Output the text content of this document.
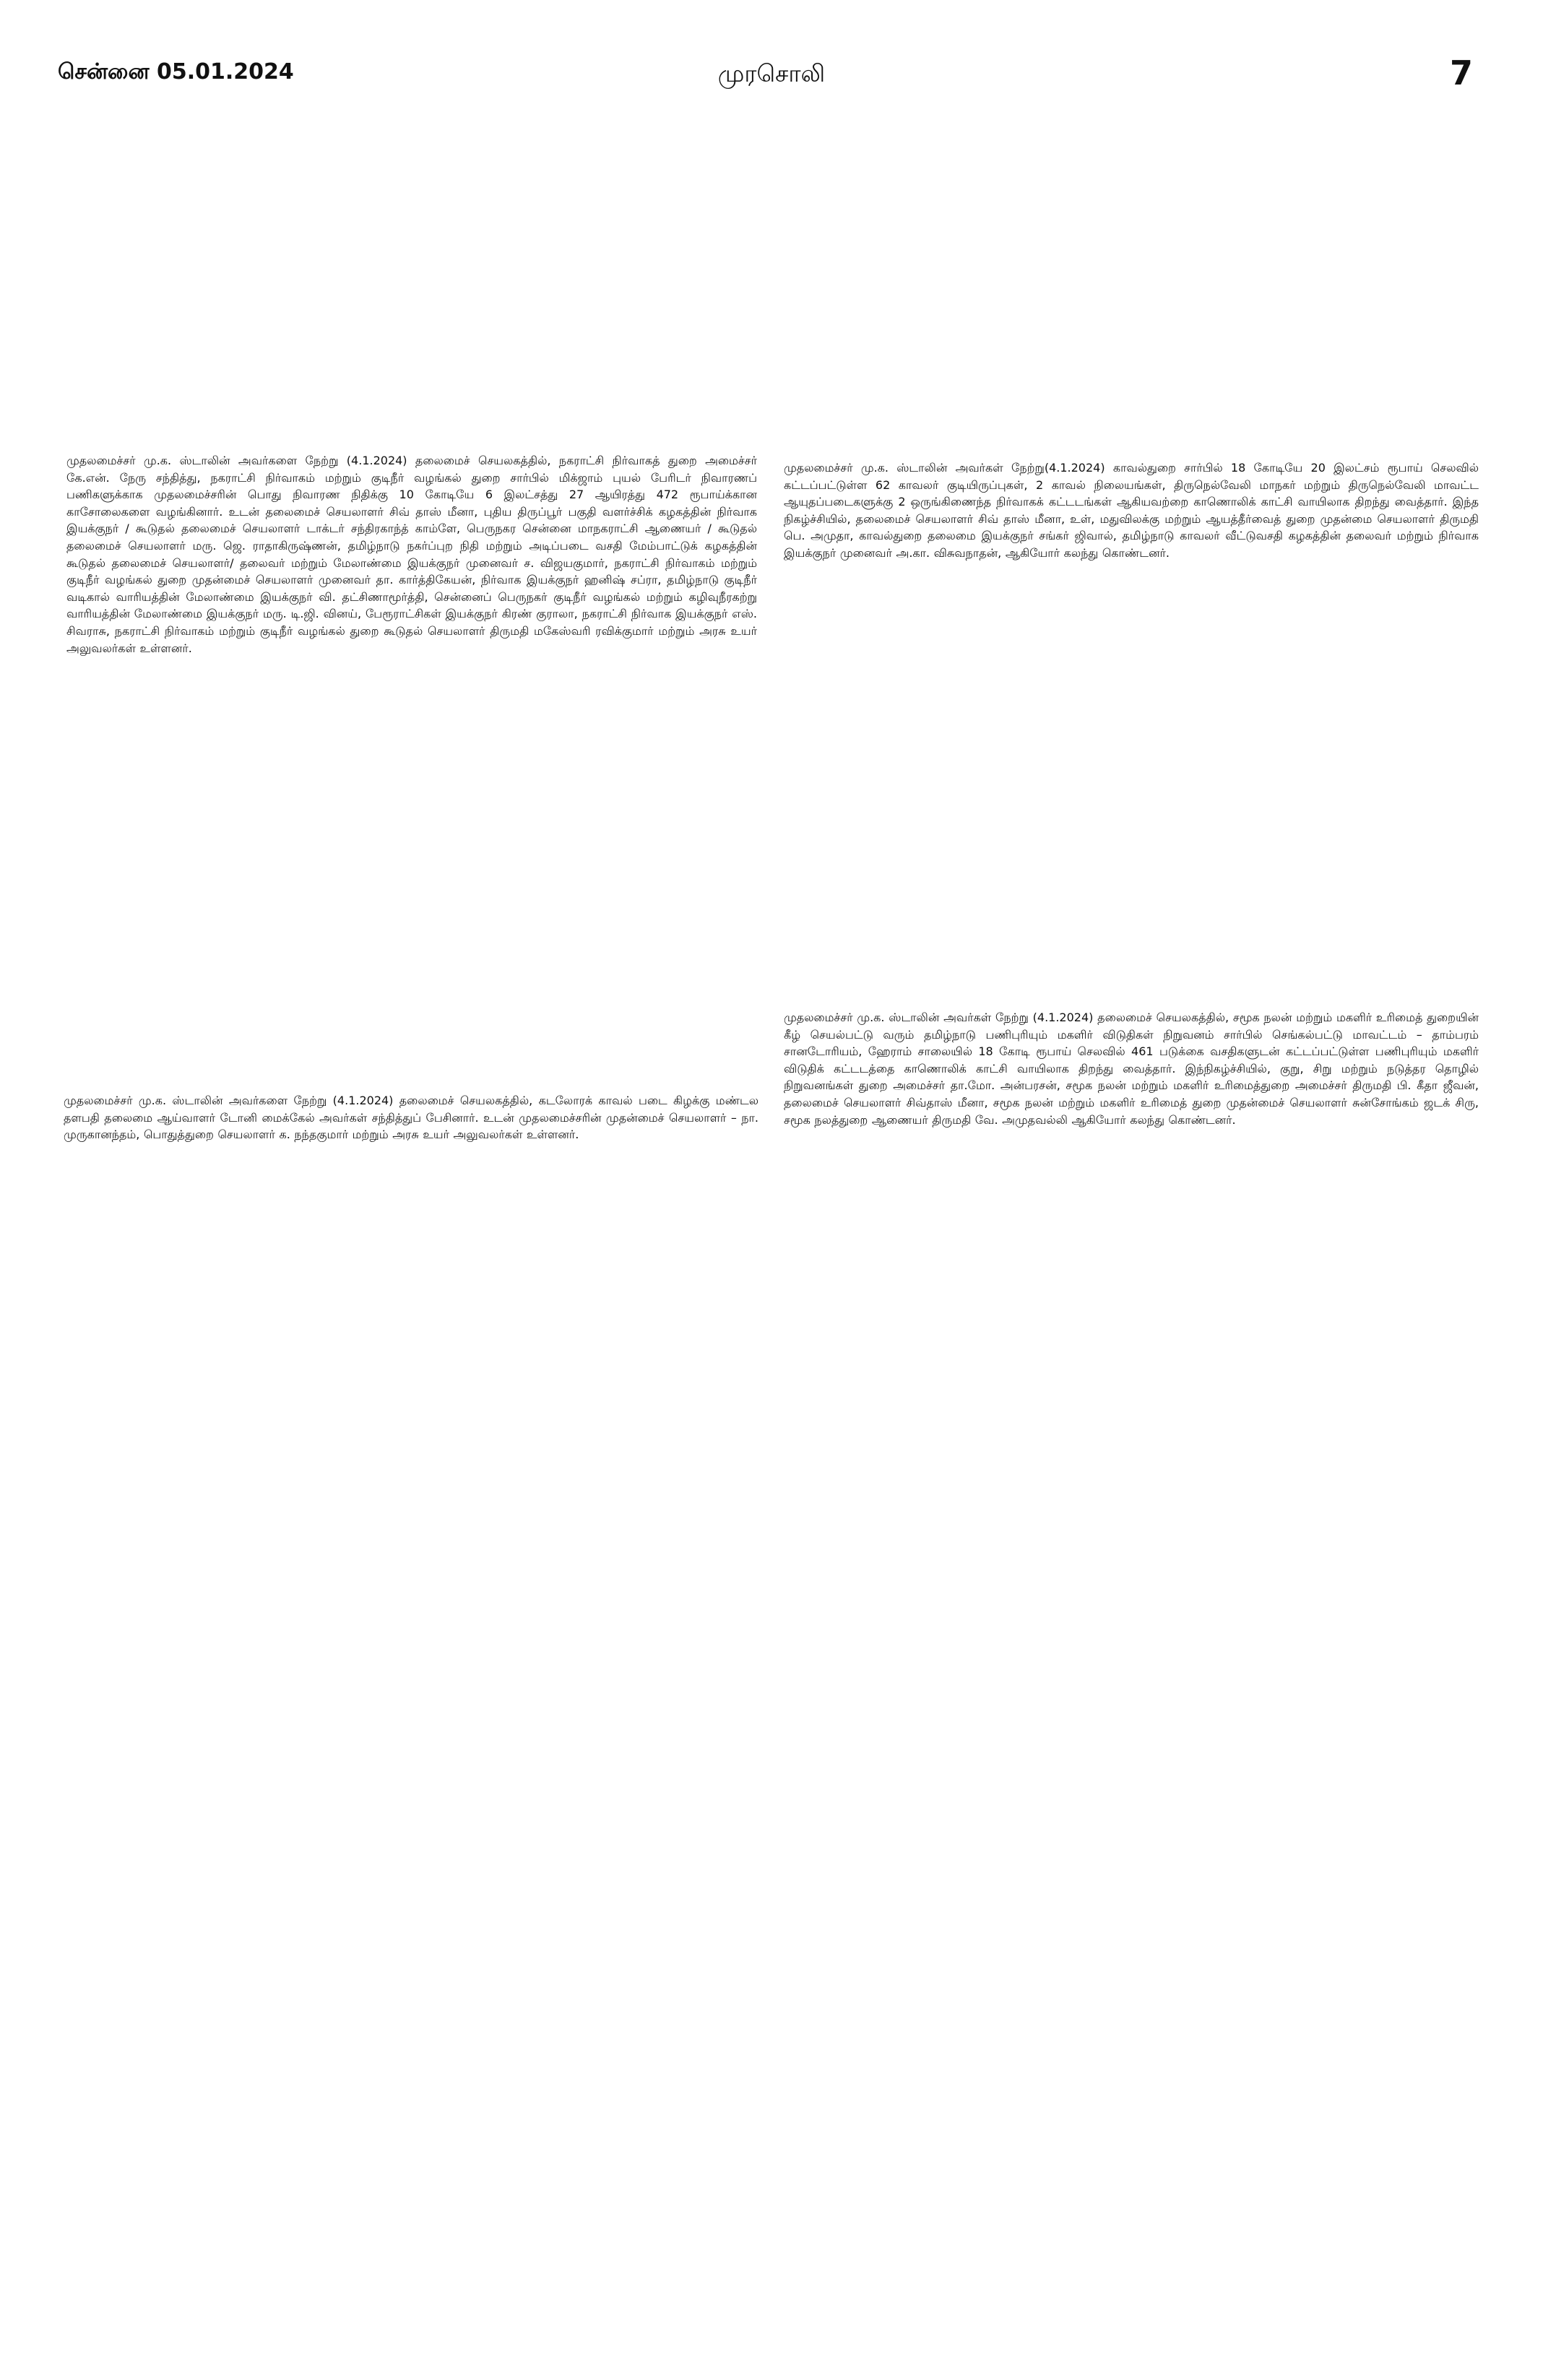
சென்னை 05.01.2024	முரசொலி	7

முதலமைச்சர் மு.க. ஸ்டாலின் அவர்களை நேற்று (4.1.2024) தலைமைச் செயலகத்தில், நகராட்சி நிர்வாகத் துறை அமைச்சர் கே.என். நேரு சந்தித்து, நகராட்சி நிர்வாகம் மற்றும் குடிநீர் வழங்கல் துறை சார்பில் மிக்ஜாம் புயல் பேரிடர் நிவாரணப் பணிகளுக்காக முதலமைச்சரின் பொது நிவாரண நிதிக்கு 10 கோடியே 6 இலட்சத்து 27 ஆயிரத்து 472 ரூபாய்க்கான காசோலைகளை வழங்கினார். உடன் தலைமைச் செயலாளர் சிவ் தாஸ் மீனா, புதிய திருப்பூர் பகுதி வளர்ச்சிக் கழகத்தின் நிர்வாக இயக்குநர் / கூடுதல் தலைமைச் செயலாளர் டாக்டர் சந்திரகாந்த் காம்ளே, பெருநகர சென்னை மாநகராட்சி ஆணையர் / கூடுதல் தலைமைச் செயலாளர் மரு. ஜெ. ராதாகிருஷ்ணன், தமிழ்நாடு நகர்ப்புற நிதி மற்றும் அடிப்படை வசதி மேம்பாட்டுக் கழகத்தின் கூடுதல் தலைமைச் செயலாளர்/ தலைவர் மற்றும் மேலாண்மை இயக்குநர் முனைவர் ச. விஜயகுமார், நகராட்சி நிர்வாகம் மற்றும் குடிநீர் வழங்கல் துறை முதன்மைச் செயலாளர் முனைவர் தா. கார்த்திகேயன், நிர்வாக இயக்குநர் ஹனிஷ் சப்ரா, தமிழ்நாடு குடிநீர் வடிகால் வாரியத்தின் மேலாண்மை இயக்குநர் வி. தட்சிணாமூர்த்தி, சென்னைப் பெருநகர் குடிநீர் வழங்கல் மற்றும் கழிவுநீரகற்று வாரியத்தின் மேலாண்மை இயக்குநர் மரு. டி.ஜி. வினய், பேரூராட்சிகள் இயக்குநர் கிரண் குராலா, நகராட்சி நிர்வாக இயக்குநர் எஸ். சிவராசு, நகராட்சி நிர்வாகம் மற்றும் குடிநீர் வழங்கல் துறை கூடுதல் செயலாளர் திருமதி மகேஸ்வரி ரவிக்குமார் மற்றும் அரசு உயர் அலுவலர்கள் உள்ளனர்.

முதலமைச்சர் மு.க. ஸ்டாலின் அவர்கள் நேற்று(4.1.2024) காவல்துறை சார்பில் 18 கோடியே 20 இலட்சம் ரூபாய் செலவில் கட்டப்பட்டுள்ள 62 காவலர் குடியிருப்புகள், 2 காவல் நிலையங்கள், திருநெல்வேலி மாநகர் மற்றும் திருநெல்வேலி மாவட்ட ஆயுதப்படைகளுக்கு 2 ஒருங்கிணைந்த நிர்வாகக் கட்டடங்கள் ஆகியவற்றை காணொலிக் காட்சி வாயிலாக திறந்து வைத்தார். இந்த நிகழ்ச்சியில், தலைமைச் செயலாளர் சிவ் தாஸ் மீனா, உள், மதுவிலக்கு மற்றும் ஆயத்தீர்வைத் துறை முதன்மை செயலாளர் திருமதி பெ. அமுதா, காவல்துறை தலைமை இயக்குநர் சங்கர் ஜிவால், தமிழ்நாடு காவலர் வீட்டுவசதி கழகத்தின் தலைவர் மற்றும் நிர்வாக இயக்குநர் முனைவர் அ.கா. விசுவநாதன், ஆகியோர் கலந்து கொண்டனர்.

முதலமைச்சர் மு.க. ஸ்டாலின் அவர்களை நேற்று (4.1.2024) தலைமைச் செயலகத்தில், கடலோரக் காவல் படை கிழக்கு மண்டல தளபதி தலைமை ஆய்வாளர் டோனி மைக்கேல் அவர்கள் சந்தித்துப் பேசினார். உடன் முதலமைச்சரின் முதன்மைச் செயலாளர் – நா. முருகானந்தம், பொதுத்துறை செயலாளர் க. நந்தகுமார் மற்றும் அரசு உயர் அலுவலர்கள் உள்ளனர்.

முதலமைச்சர் மு.க. ஸ்டாலின் அவர்கள் நேற்று (4.1.2024) தலைமைச் செயலகத்தில், சமூக நலன் மற்றும் மகளிர் உரிமைத் துறையின் கீழ் செயல்பட்டு வரும் தமிழ்நாடு பணிபுரியும் மகளிர் விடுதிகள் நிறுவனம் சார்பில் செங்கல்பட்டு மாவட்டம் – தாம்பரம் சானடோரியம், ஹேராம் சாலையில் 18 கோடி ரூபாய் செலவில் 461 படுக்கை வசதிகளுடன் கட்டப்பட்டுள்ள பணிபுரியும் மகளிர் விடுதிக் கட்டடத்தை காணொலிக் காட்சி வாயிலாக திறந்து வைத்தார். இந்நிகழ்ச்சியில், குறு, சிறு மற்றும் நடுத்தர தொழில் நிறுவனங்கள் துறை அமைச்சர் தா.மோ. அன்பரசன், சமூக நலன் மற்றும் மகளிர் உரிமைத்துறை அமைச்சர் திருமதி பி. கீதா ஜீவன், தலைமைச் செயலாளர் சிவ்தாஸ் மீனா, சமூக நலன் மற்றும் மகளிர் உரிமைத் துறை முதன்மைச் செயலாளர் சுன்சோங்கம் ஜடக் சிரு, சமூக நலத்துறை ஆணையர் திருமதி வே. அமுதவல்லி ஆகியோர் கலந்து கொண்டனர்.
